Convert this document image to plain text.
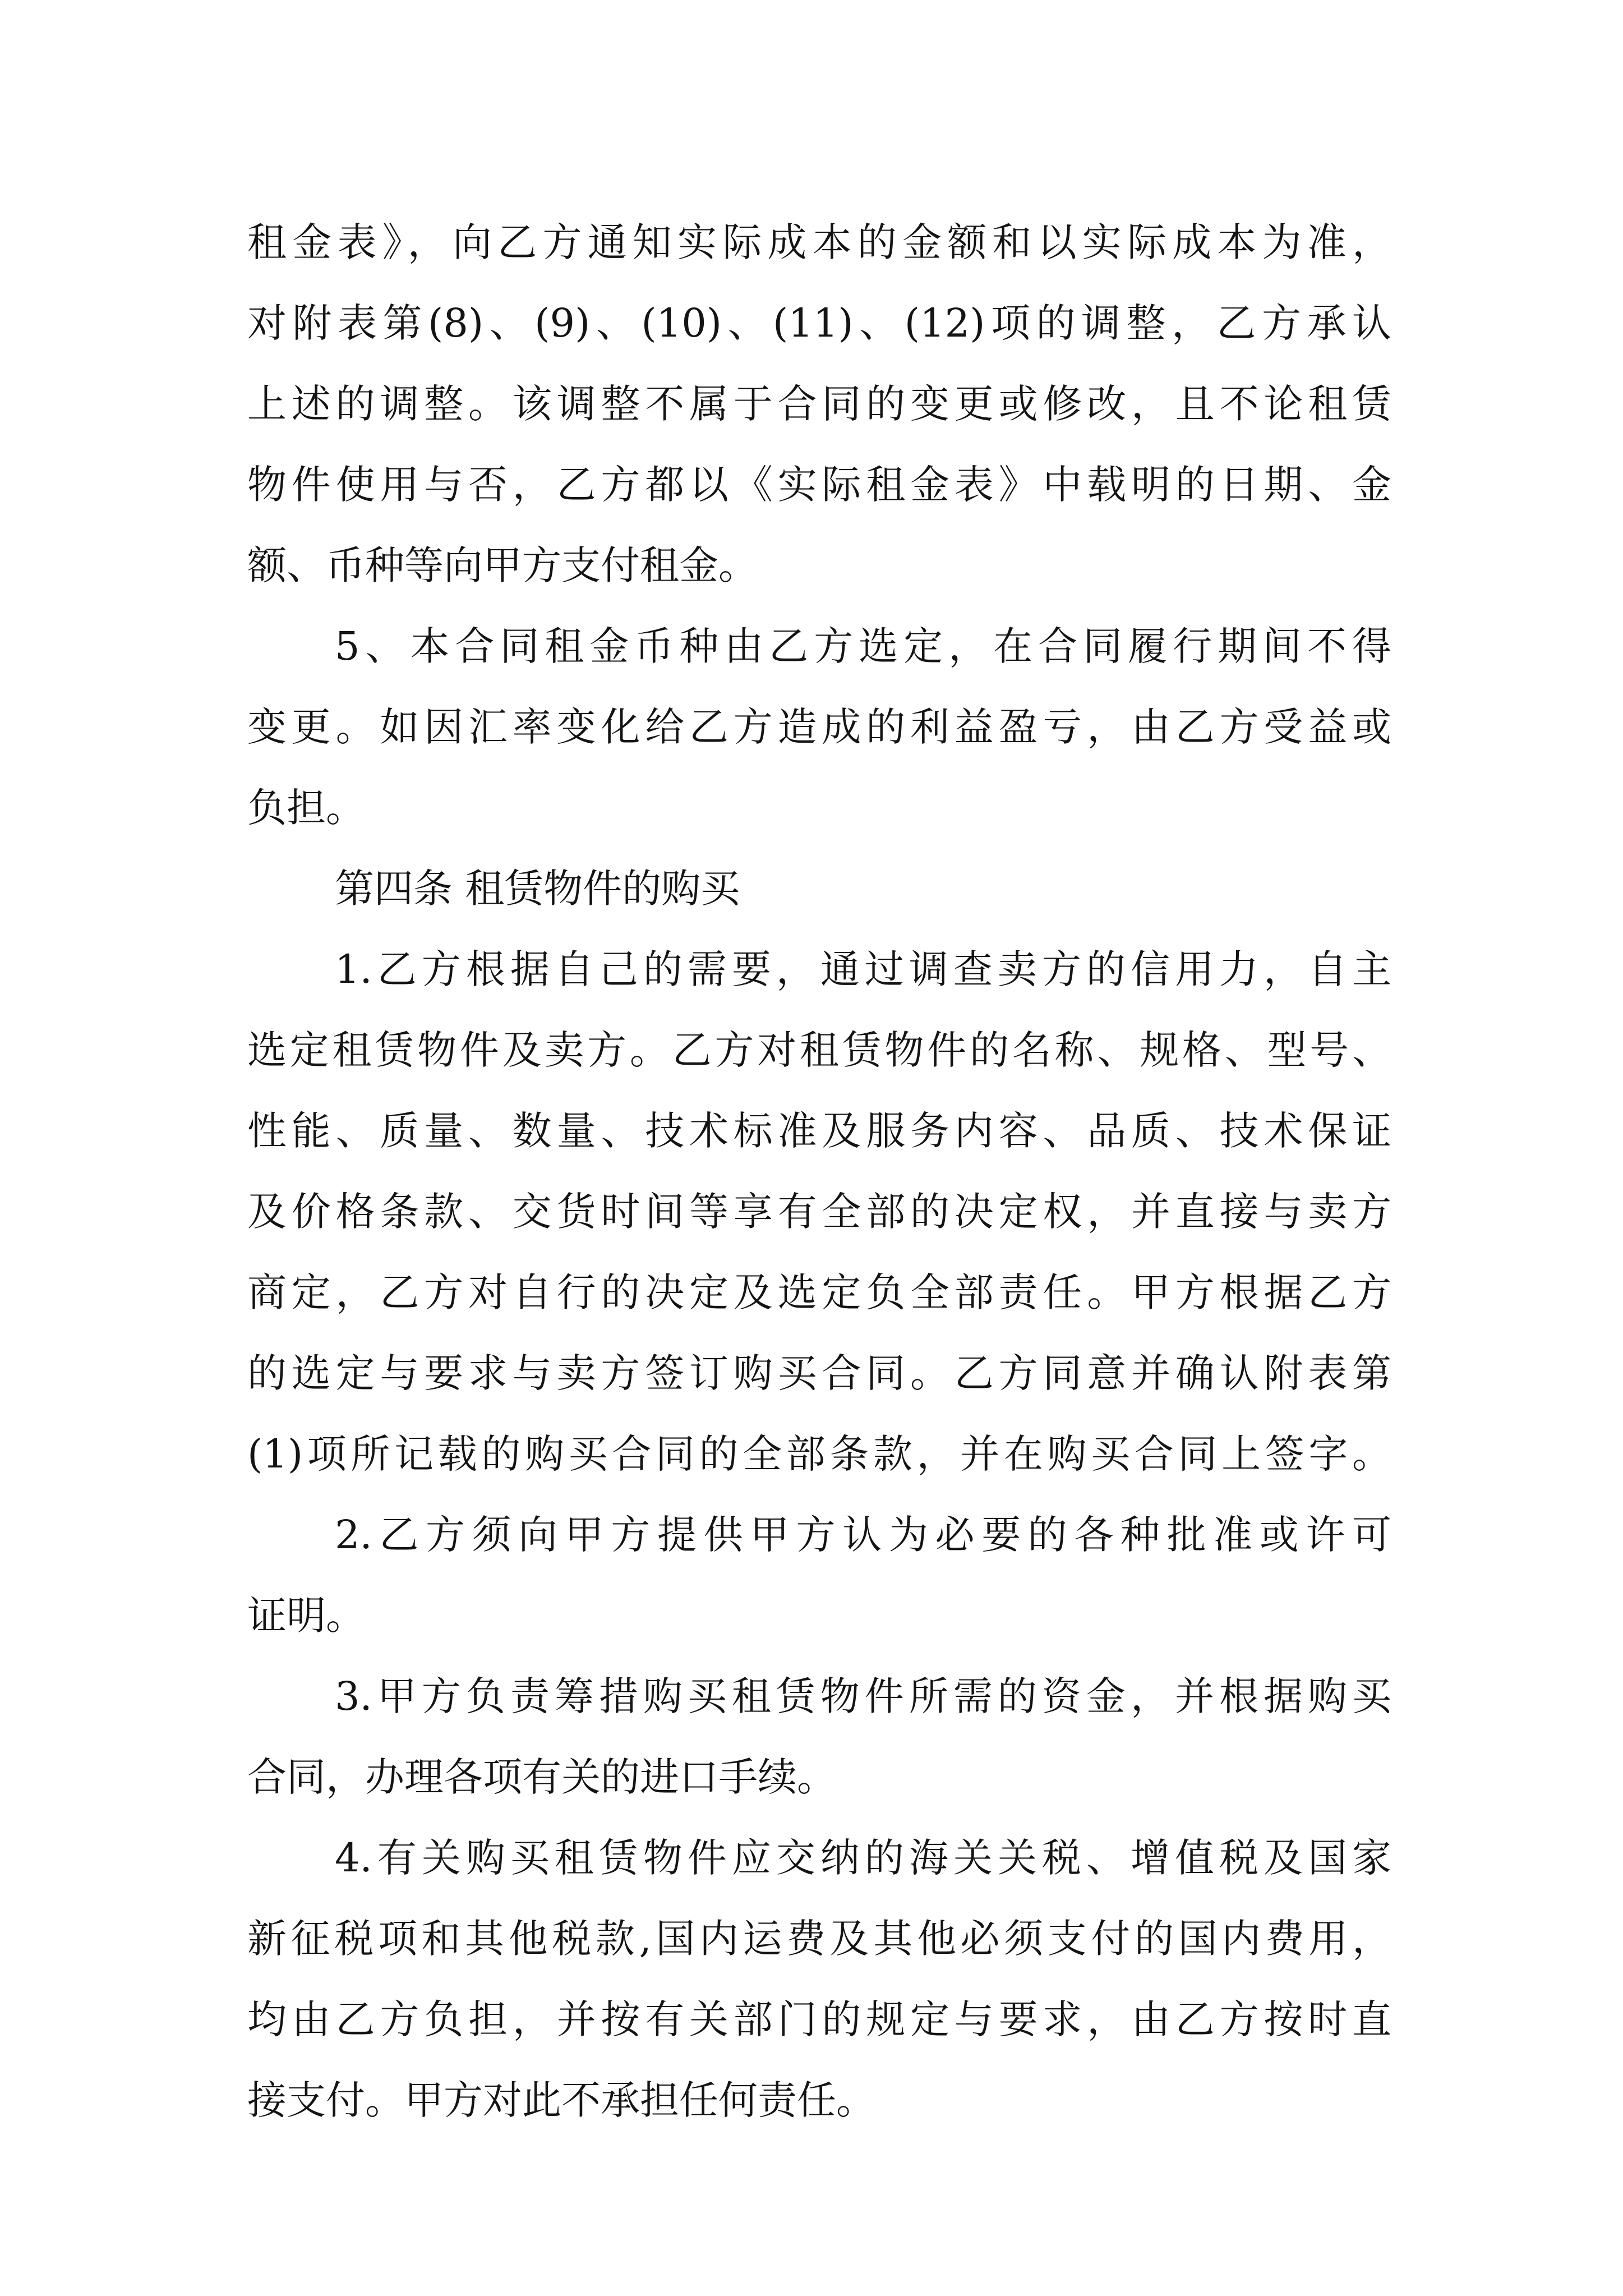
租金表》，向乙方通知实际成本的金额和以实际成本为准，
对附表第(8)、(9)、(10)、(11)、(12)项的调整，乙方承认
上述的调整。该调整不属于合同的变更或修改，且不论租赁
物件使用与否，乙方都以《实际租金表》中载明的日期、金
额、币种等向甲方支付租金。
5、本合同租金币种由乙方选定，在合同履行期间不得
变更。如因汇率变化给乙方造成的利益盈亏，由乙方受益或
负担。
第四条 租赁物件的购买
1.乙方根据自己的需要，通过调查卖方的信用力，自主
选定租赁物件及卖方。乙方对租赁物件的名称、规格、型号、
性能、质量、数量、技术标准及服务内容、品质、技术保证
及价格条款、交货时间等享有全部的决定权，并直接与卖方
商定，乙方对自行的决定及选定负全部责任。甲方根据乙方
的选定与要求与卖方签订购买合同。乙方同意并确认附表第
(1)项所记载的购买合同的全部条款，并在购买合同上签字。
2.乙方须向甲方提供甲方认为必要的各种批准或许可
证明。
3.甲方负责筹措购买租赁物件所需的资金，并根据购买
合同，办理各项有关的进口手续。
4.有关购买租赁物件应交纳的海关关税、增值税及国家
新征税项和其他税款,国内运费及其他必须支付的国内费用，
均由乙方负担，并按有关部门的规定与要求，由乙方按时直
接支付。甲方对此不承担任何责任。
